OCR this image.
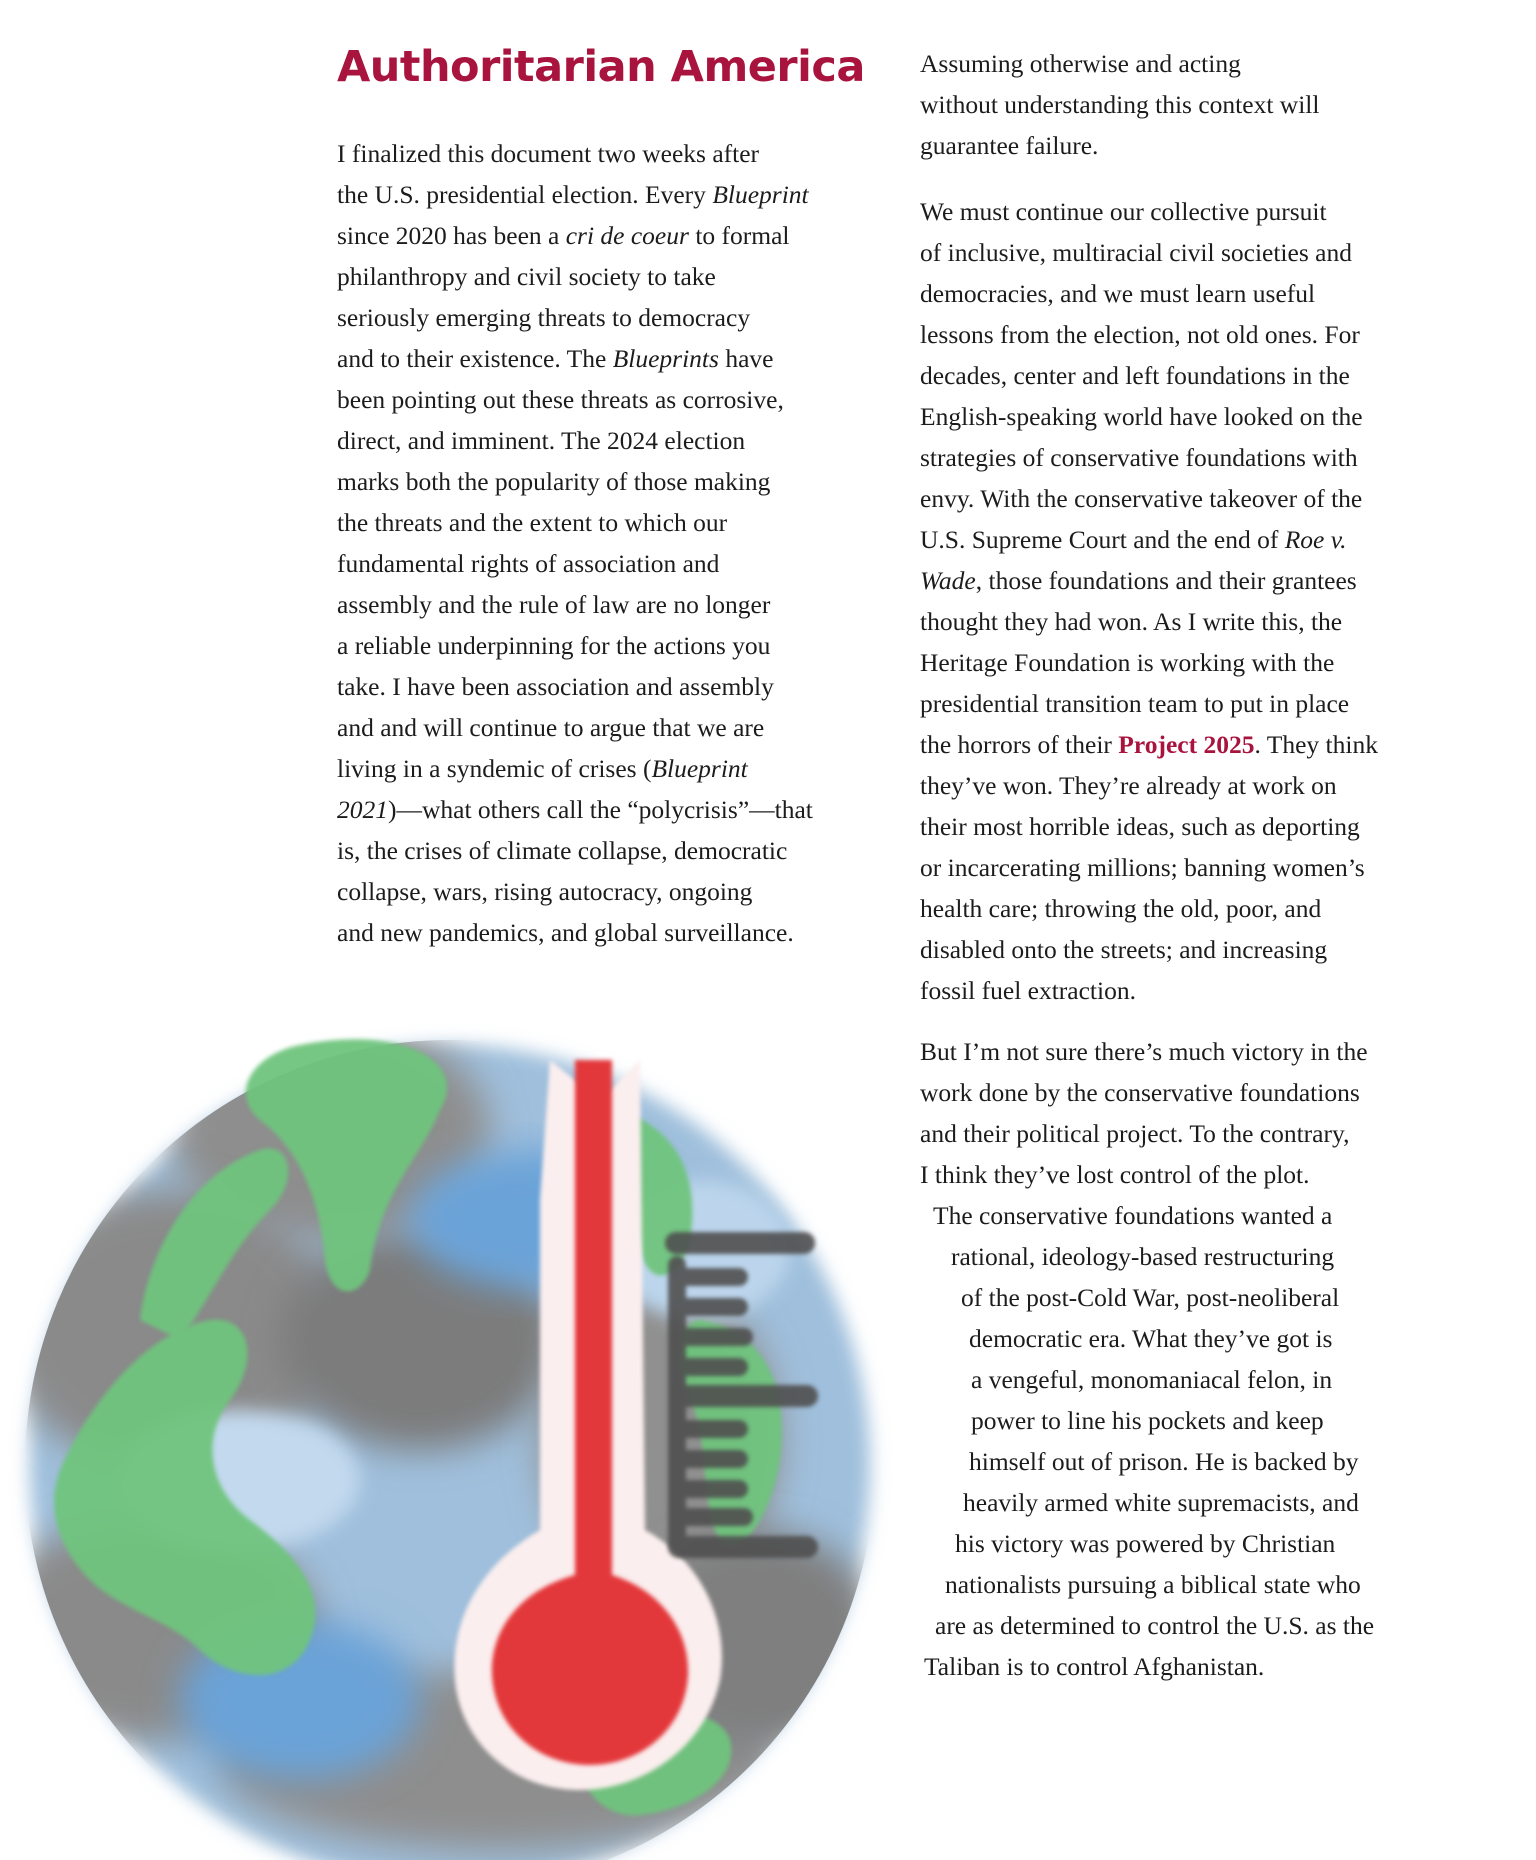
Authoritarian America

I finalized this document two weeks after
the U.S. presidential election. Every Blueprint
since 2020 has been a cri de coeur to formal
philanthropy and civil society to take
seriously emerging threats to democracy
and to their existence. The Blueprints have
been pointing out these threats as corrosive,
direct, and imminent. The 2024 election
marks both the popularity of those making
the threats and the extent to which our
fundamental rights of association and
assembly and the rule of law are no longer
a reliable underpinning for the actions you
take. I have been association and assembly
and and will continue to argue that we are
living in a syndemic of crises (Blueprint
2021)—what others call the “polycrisis”—that
is, the crises of climate collapse, democratic
collapse, wars, rising autocracy, ongoing
and new pandemics, and global surveillance.

Assuming otherwise and acting
without understanding this context will
guarantee failure.

We must continue our collective pursuit
of inclusive, multiracial civil societies and
democracies, and we must learn useful
lessons from the election, not old ones. For
decades, center and left foundations in the
English-speaking world have looked on the
strategies of conservative foundations with
envy. With the conservative takeover of the
U.S. Supreme Court and the end of Roe v.
Wade, those foundations and their grantees
thought they had won. As I write this, the
Heritage Foundation is working with the
presidential transition team to put in place
the horrors of their Project 2025. They think
they’ve won. They’re already at work on
their most horrible ideas, such as deporting
or incarcerating millions; banning women’s
health care; throwing the old, poor, and
disabled onto the streets; and increasing
fossil fuel extraction.

But I’m not sure there’s much victory in the
work done by the conservative foundations
and their political project. To the contrary,
I think they’ve lost control of the plot.
The conservative foundations wanted a
rational, ideology-based restructuring
of the post-Cold War, post-neoliberal
democratic era. What they’ve got is
a vengeful, monomaniacal felon, in
power to line his pockets and keep
himself out of prison. He is backed by
heavily armed white supremacists, and
his victory was powered by Christian
nationalists pursuing a biblical state who
are as determined to control the U.S. as the
Taliban is to control Afghanistan.
